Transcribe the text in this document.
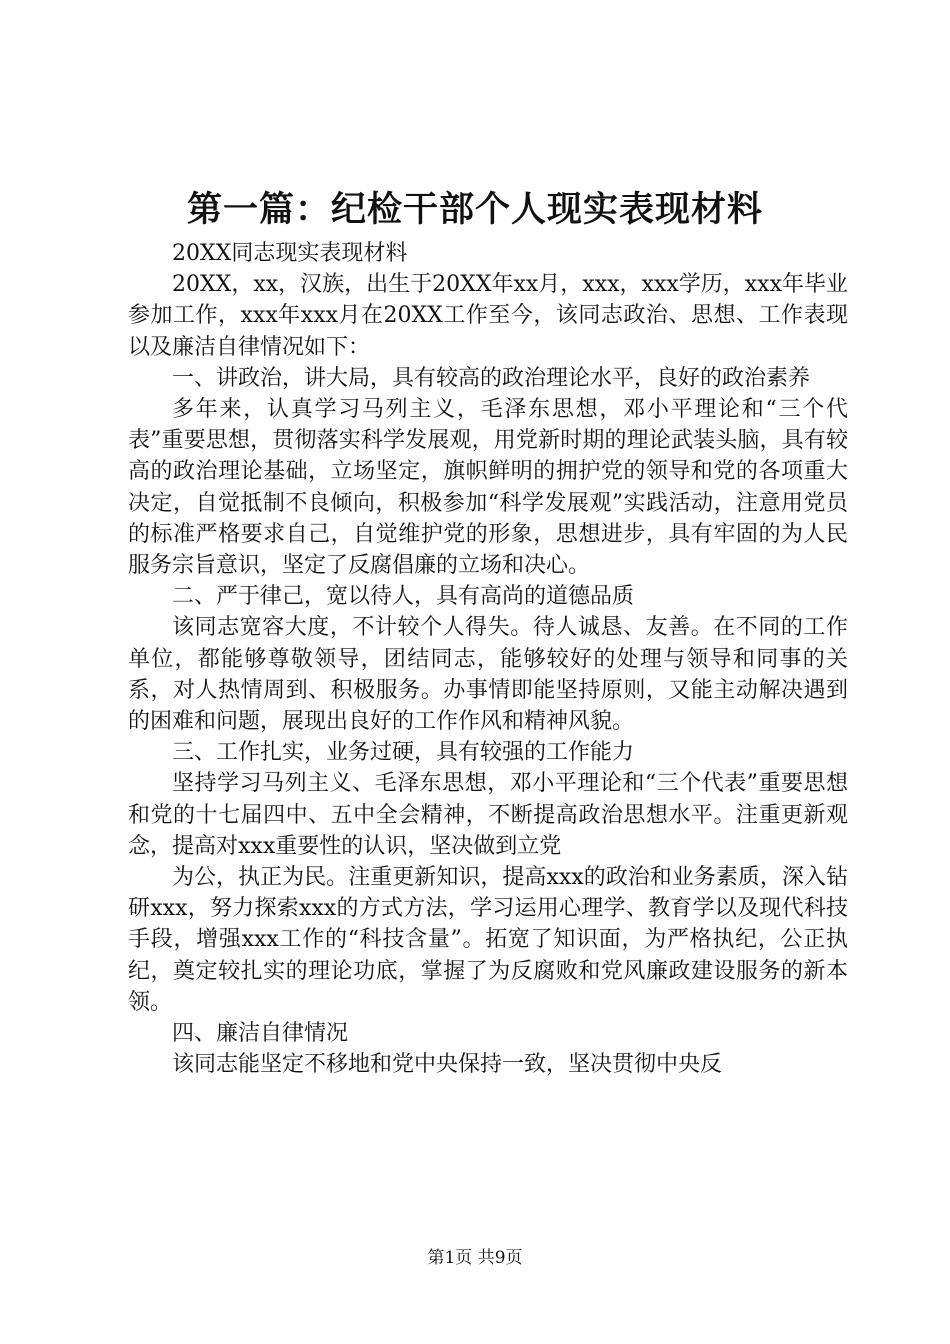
第一篇：纪检干部个人现实表现材料

20XX同志现实表现材料

20XX，xx，汉族，出生于20XX年xx月，xxx，xxx学历，xxx年毕业参加工作，xxx年xxx月在20XX工作至今，该同志政治、思想、工作表现以及廉洁自律情况如下：

一、讲政治，讲大局，具有较高的政治理论水平，良好的政治素养

多年来，认真学习马列主义，毛泽东思想，邓小平理论和“三个代表”重要思想，贯彻落实科学发展观，用党新时期的理论武装头脑，具有较高的政治理论基础，立场坚定，旗帜鲜明的拥护党的领导和党的各项重大决定，自觉抵制不良倾向，积极参加“科学发展观”实践活动，注意用党员的标准严格要求自己，自觉维护党的形象，思想进步，具有牢固的为人民服务宗旨意识，坚定了反腐倡廉的立场和决心。

二、严于律己，宽以待人，具有高尚的道德品质

该同志宽容大度，不计较个人得失。待人诚恳、友善。在不同的工作单位，都能够尊敬领导，团结同志，能够较好的处理与领导和同事的关系，对人热情周到、积极服务。办事情即能坚持原则，又能主动解决遇到的困难和问题，展现出良好的工作作风和精神风貌。

三、工作扎实，业务过硬，具有较强的工作能力

坚持学习马列主义、毛泽东思想，邓小平理论和“三个代表”重要思想和党的十七届四中、五中全会精神，不断提高政治思想水平。注重更新观念，提高对xxx重要性的认识，坚决做到立党

为公，执正为民。注重更新知识，提高xxx的政治和业务素质，深入钻研xxx，努力探索xxx的方式方法，学习运用心理学、教育学以及现代科技手段，增强xxx工作的“科技含量”。拓宽了知识面，为严格执纪，公正执纪，奠定较扎实的理论功底，掌握了为反腐败和党风廉政建设服务的新本领。

四、廉洁自律情况

该同志能坚定不移地和党中央保持一致，坚决贯彻中央反

第1页 共9页
